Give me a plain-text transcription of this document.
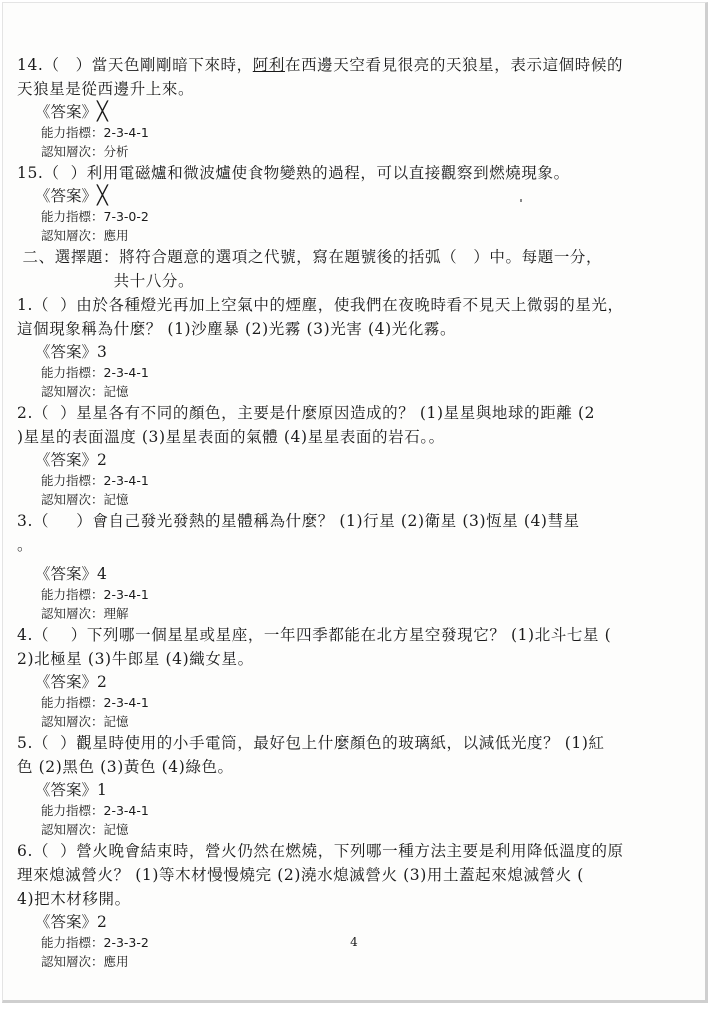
14.（　）當天色剛剛暗下來時，阿利在西邊天空看見很亮的天狼星，表示這個時候的
天狼星是從西邊升上來。
《答案》╳
能力指標：2-3-4-1
認知層次：分析
15.（  ）利用電磁爐和微波爐使食物變熟的過程，可以直接觀察到燃燒現象。
《答案》╳
能力指標：7-3-0-2
認知層次：應用
二、選擇題：將符合題意的選項之代號，寫在題號後的括弧（　）中。每題一分，
　　　　　　共十八分。
1.（  ）由於各種燈光再加上空氣中的煙塵，使我們在夜晚時看不見天上微弱的星光，
這個現象稱為什麼？ (1)沙塵暴 (2)光霧 (3)光害 (4)光化霧。
《答案》3
能力指標：2-3-4-1
認知層次：記憶
2.（  ）星星各有不同的顏色，主要是什麼原因造成的？ (1)星星與地球的距離 (2
)星星的表面溫度 (3)星星表面的氣體 (4)星星表面的岩石。。
《答案》2
能力指標：2-3-4-1
認知層次：記憶
3.（　  ）會自己發光發熱的星體稱為什麼？ (1)行星 (2)衛星 (3)恆星 (4)彗星
。
《答案》4
能力指標：2-3-4-1
認知層次：理解
4.（　 ）下列哪一個星星或星座，一年四季都能在北方星空發現它？ (1)北斗七星 (
2)北極星 (3)牛郎星 (4)織女星。
《答案》2
能力指標：2-3-4-1
認知層次：記憶
5.（  ）觀星時使用的小手電筒，最好包上什麼顏色的玻璃紙，以減低光度？ (1)紅
色 (2)黑色 (3)黃色 (4)綠色。
《答案》1
能力指標：2-3-4-1
認知層次：記憶
6.（  ）營火晚會結束時，營火仍然在燃燒，下列哪一種方法主要是利用降低溫度的原
理來熄滅營火？ (1)等木材慢慢燒完 (2)澆水熄滅營火 (3)用土蓋起來熄滅營火 (
4)把木材移開。
《答案》2
能力指標：2-3-3-2
認知層次：應用
4
